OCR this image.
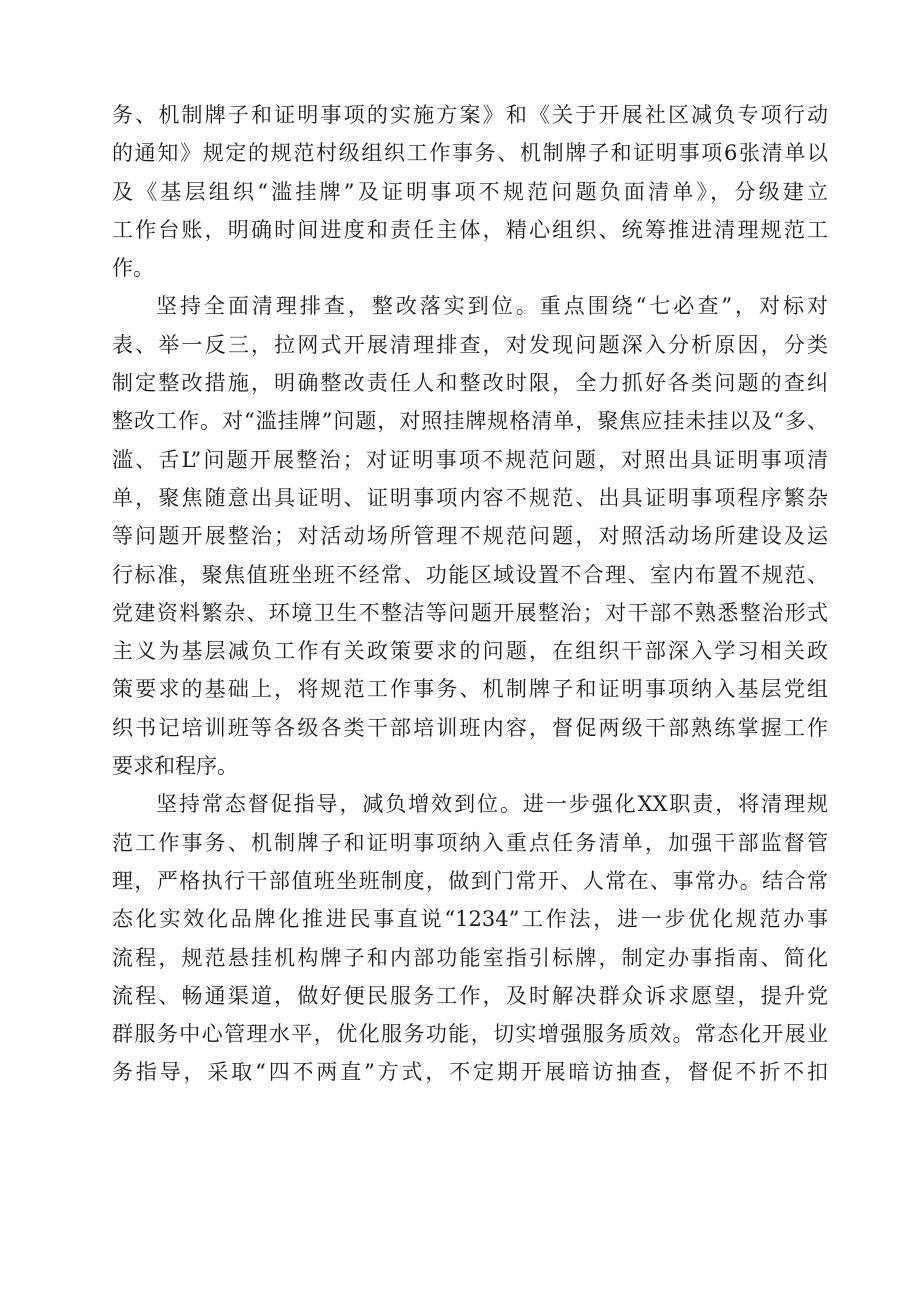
务、机制牌子和证明事项的实施方案》和《关于开展社区减负专项行动
的通知》规定的规范村级组织工作事务、机制牌子和证明事项6张清单以
及《基层组织“滥挂牌”及证明事项不规范问题负面清单》，分级建立
工作台账，明确时间进度和责任主体，精心组织、统筹推进清理规范工
作。
坚持全面清理排查，整改落实到位。重点围绕“七必查”，对标对
表、举一反三，拉网式开展清理排查，对发现问题深入分析原因，分类
制定整改措施，明确整改责任人和整改时限，全力抓好各类问题的查纠
整改工作。对“滥挂牌”问题，对照挂牌规格清单，聚焦应挂未挂以及“多、
滥、舌L”问题开展整治；对证明事项不规范问题，对照出具证明事项清
单，聚焦随意出具证明、证明事项内容不规范、出具证明事项程序繁杂
等问题开展整治；对活动场所管理不规范问题，对照活动场所建设及运
行标准，聚焦值班坐班不经常、功能区域设置不合理、室内布置不规范、
党建资料繁杂、环境卫生不整洁等问题开展整治；对干部不熟悉整治形式
主义为基层减负工作有关政策要求的问题，在组织干部深入学习相关政
策要求的基础上，将规范工作事务、机制牌子和证明事项纳入基层党组
织书记培训班等各级各类干部培训班内容，督促两级干部熟练掌握工作
要求和程序。
坚持常态督促指导，减负增效到位。进一步强化XX职责，将清理规
范工作事务、机制牌子和证明事项纳入重点任务清单，加强干部监督管
理，严格执行干部值班坐班制度，做到门常开、人常在、事常办。结合常
态化实效化品牌化推进民事直说“1234”工作法，进一步优化规范办事
流程，规范悬挂机构牌子和内部功能室指引标牌，制定办事指南、简化
流程、畅通渠道，做好便民服务工作，及时解决群众诉求愿望，提升党
群服务中心管理水平，优化服务功能，切实增强服务质效。常态化开展业
务指导，采取“四不两直”方式，不定期开展暗访抽查，督促不折不扣
